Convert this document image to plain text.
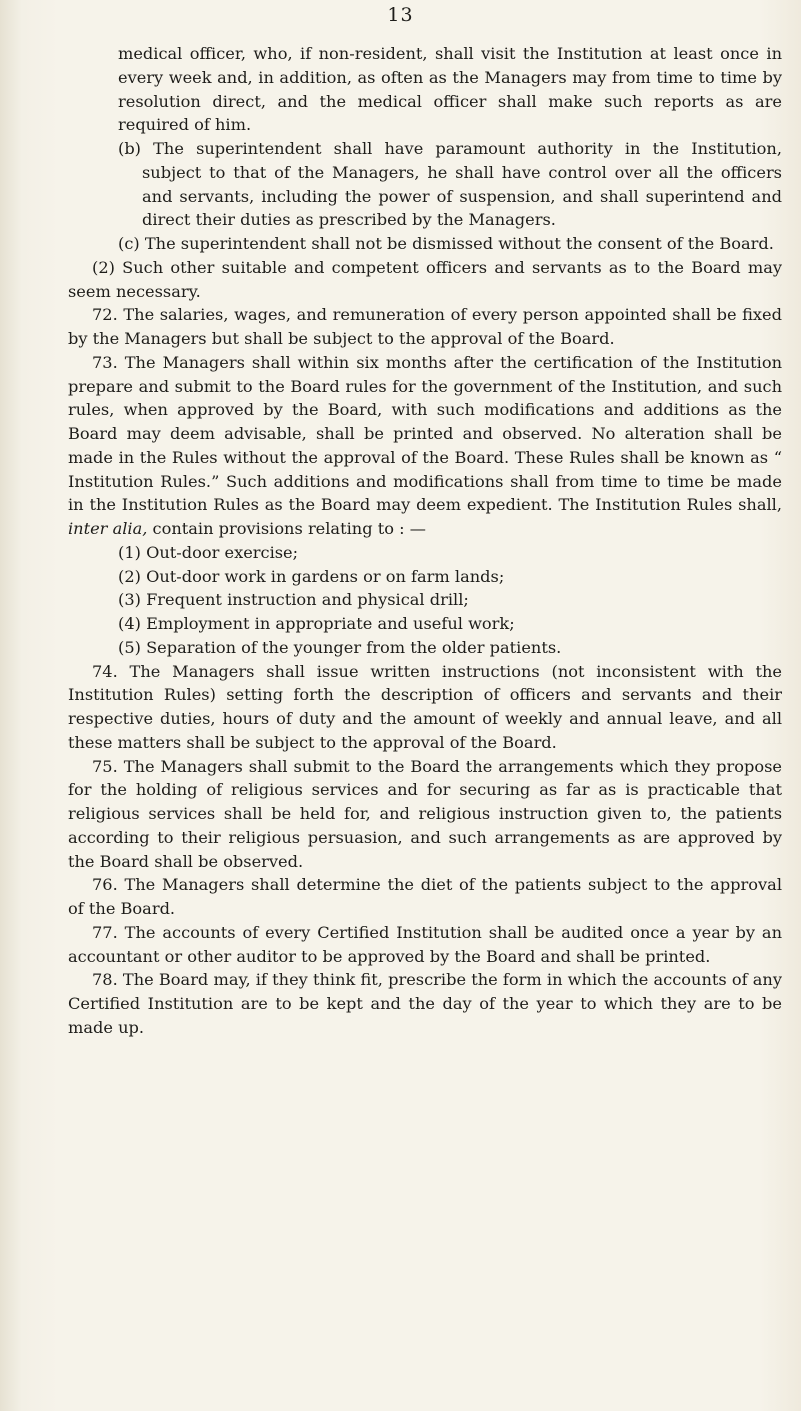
13

medical officer, who, if non-resident, shall visit the Institution at least once in every week and, in addition, as often as the Managers may from time to time by resolution direct, and the medical officer shall make such reports as are required of him.

(b) The superintendent shall have paramount authority in the Institution, subject to that of the Managers, he shall have control over all the officers and servants, including the power of suspension, and shall superintend and direct their duties as prescribed by the Managers.

(c) The superintendent shall not be dismissed without the consent of the Board.

(2) Such other suitable and competent officers and servants as to the Board may seem necessary.

72. The salaries, wages, and remuneration of every person appointed shall be fixed by the Managers but shall be subject to the approval of the Board.

73. The Managers shall within six months after the certification of the Institution prepare and submit to the Board rules for the government of the Institution, and such rules, when approved by the Board, with such modifications and additions as the Board may deem advisable, shall be printed and observed. No alteration shall be made in the Rules without the approval of the Board. These Rules shall be known as “ Institution Rules.” Such additions and modifications shall from time to time be made in the Institution Rules as the Board may deem expedient. The Institution Rules shall, inter alia, contain provisions relating to : —

(1) Out-door exercise;

(2) Out-door work in gardens or on farm lands;

(3) Frequent instruction and physical drill;

(4) Employment in appropriate and useful work;

(5) Separation of the younger from the older patients.

74. The Managers shall issue written instructions (not inconsistent with the Institution Rules) setting forth the description of officers and servants and their respective duties, hours of duty and the amount of weekly and annual leave, and all these matters shall be subject to the approval of the Board.

75. The Managers shall submit to the Board the arrangements which they propose for the holding of religious services and for securing as far as is practicable that religious services shall be held for, and religious instruction given to, the patients according to their religious persuasion, and such arrangements as are approved by the Board shall be observed.

76. The Managers shall determine the diet of the patients subject to the approval of the Board.

77. The accounts of every Certified Institution shall be audited once a year by an accountant or other auditor to be approved by the Board and shall be printed.

78. The Board may, if they think fit, prescribe the form in which the accounts of any Certified Institution are to be kept and the day of the year to which they are to be made up.
